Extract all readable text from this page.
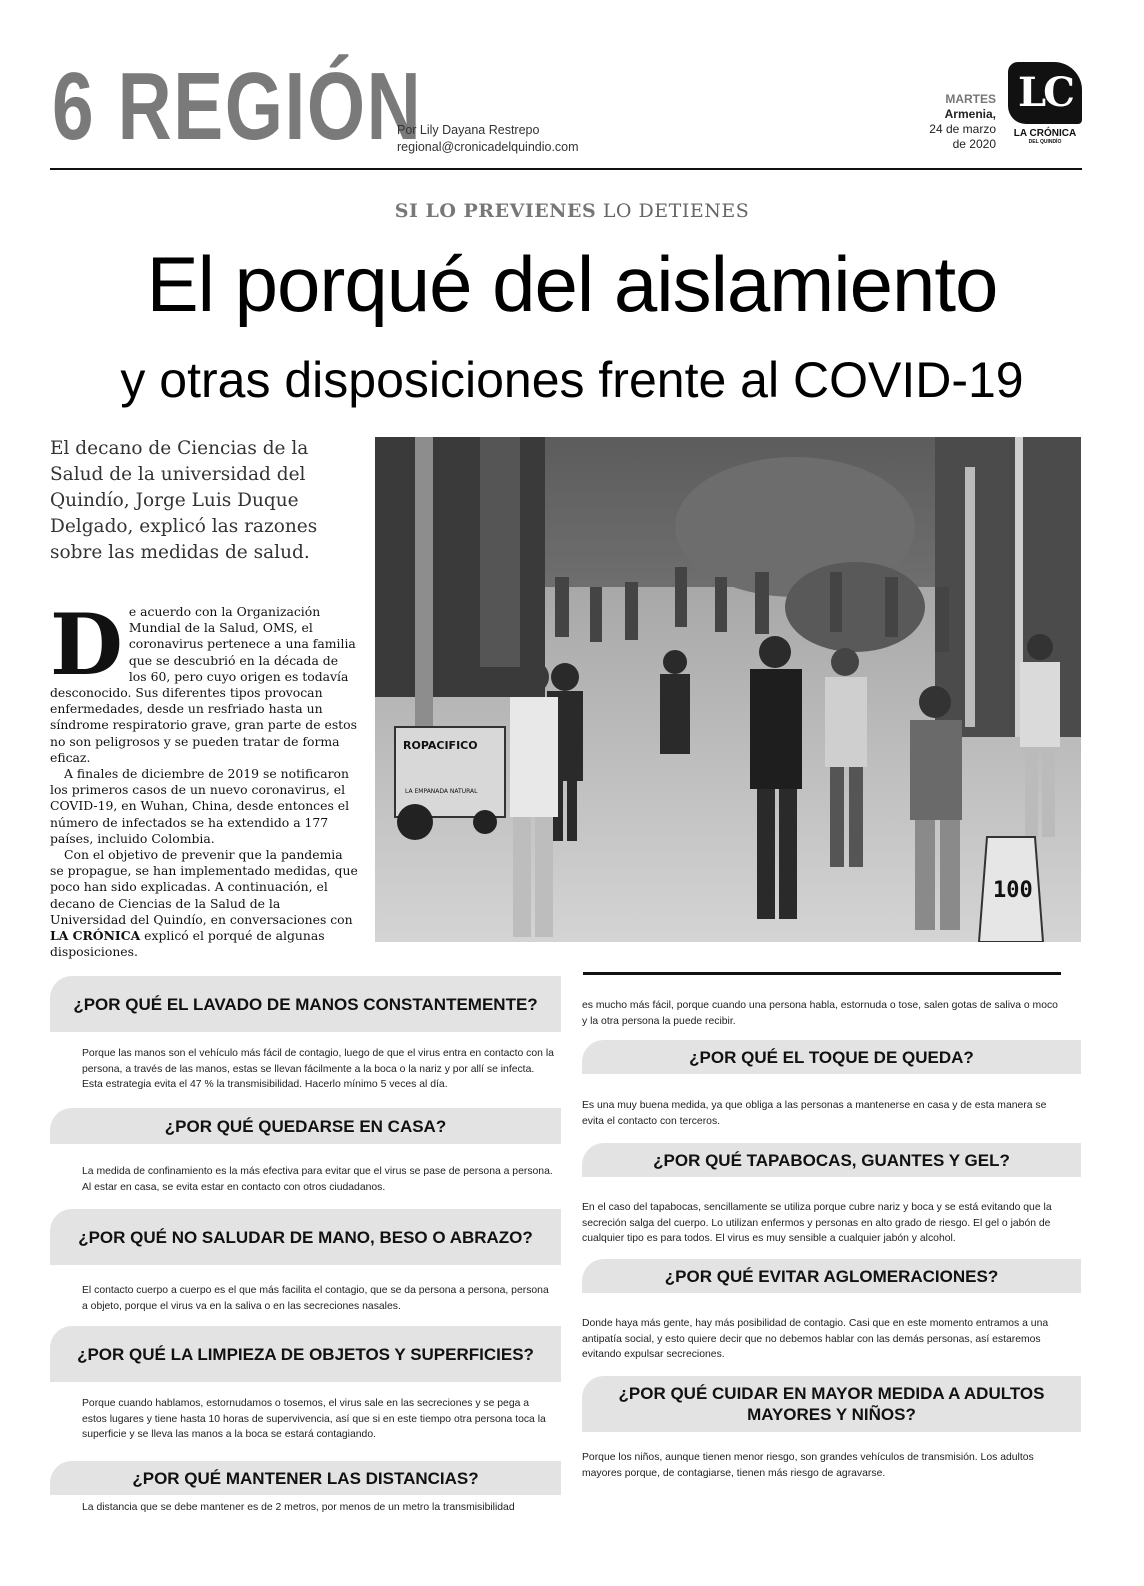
6 REGIÓN
Por Lily Dayana Restrepo
regional@cronicadelquindio.com
MARTES
Armenia,
24 de marzo
de 2020
LC
LA CRÓNICA
DEL QUINDÍO
SI LO PREVIENES LO DETIENES
El porqué del aislamiento
y otras disposiciones frente al COVID-19
El decano de Ciencias de la Salud de la universidad del Quindío, Jorge Luis Duque Delgado, explicó las razones sobre las medidas de salud.

De acuerdo con la Organización Mundial de la Salud, OMS, el coronavirus pertenece a una familia que se descubrió en la década de los 60, pero cuyo origen es todavía desconocido. Sus diferentes tipos provocan enfermedades, desde un resfriado hasta un síndrome respiratorio grave, gran parte de estos no son peligrosos y se pueden tratar de forma eficaz.

A finales de diciembre de 2019 se notificaron los primeros casos de un nuevo coronavirus, el COVID-19, en Wuhan, China, desde entonces el número de infectados se ha extendido a 177 países, incluido Colombia.

Con el objetivo de prevenir que la pandemia se propague, se han implementado medidas, que poco han sido explicadas. A continuación, el decano de Ciencias de la Salud de la Universidad del Quindío, en conversaciones con LA CRÓNICA explicó el porqué de algunas disposiciones.

ROPACIFICO
LA EMPANADA NATURAL
100
¿POR QUÉ EL LAVADO DE MANOS CONSTANTEMENTE?
Porque las manos son el vehículo más fácil de contagio, luego de que el virus entra en contacto con la persona, a través de las manos, estas se llevan fácilmente a la boca o la nariz y por allí se infecta. Esta estrategia evita el 47 % la transmisibilidad. Hacerlo mínimo 5 veces al día.
¿POR QUÉ QUEDARSE EN CASA?
La medida de confinamiento es la más efectiva para evitar que el virus se pase de persona a persona. Al estar en casa, se evita estar en contacto con otros ciudadanos.
¿POR QUÉ NO SALUDAR DE MANO, BESO O ABRAZO?
El contacto cuerpo a cuerpo es el que más facilita el contagio, que se da persona a persona, persona a objeto, porque el virus va en la saliva o en las secreciones nasales.
¿POR QUÉ LA LIMPIEZA DE OBJETOS Y SUPERFICIES?
Porque cuando hablamos, estornudamos o tosemos, el virus sale en las secreciones y se pega a estos lugares y tiene hasta 10 horas de supervivencia, así que si en este tiempo otra persona toca la superficie y se lleva las manos a la boca se estará contagiando.
¿POR QUÉ MANTENER LAS DISTANCIAS?
La distancia que se debe mantener es de 2 metros, por menos de un metro la transmisibilidad
es mucho más fácil, porque cuando una persona habla, estornuda o tose, salen gotas de saliva o moco y la otra persona la puede recibir.
¿POR QUÉ EL TOQUE DE QUEDA?
Es una muy buena medida, ya que obliga a las personas a mantenerse en casa y de esta manera se evita el contacto con terceros.
¿POR QUÉ TAPABOCAS, GUANTES Y GEL?
En el caso del tapabocas, sencillamente se utiliza porque cubre nariz y boca y se está evitando que la secreción salga del cuerpo. Lo utilizan enfermos y personas en alto grado de riesgo. El gel o jabón de cualquier tipo es para todos. El virus es muy sensible a cualquier jabón y alcohol.
¿POR QUÉ EVITAR AGLOMERACIONES?
Donde haya más gente, hay más posibilidad de contagio. Casi que en este momento entramos a una antipatía social, y esto quiere decir que no debemos hablar con las demás personas, así estaremos evitando expulsar secreciones.
¿POR QUÉ CUIDAR EN MAYOR MEDIDA A ADULTOS MAYORES Y NIÑOS?
Porque los niños, aunque tienen menor riesgo, son grandes vehículos de transmisión. Los adultos mayores porque, de contagiarse, tienen más riesgo de agravarse.
